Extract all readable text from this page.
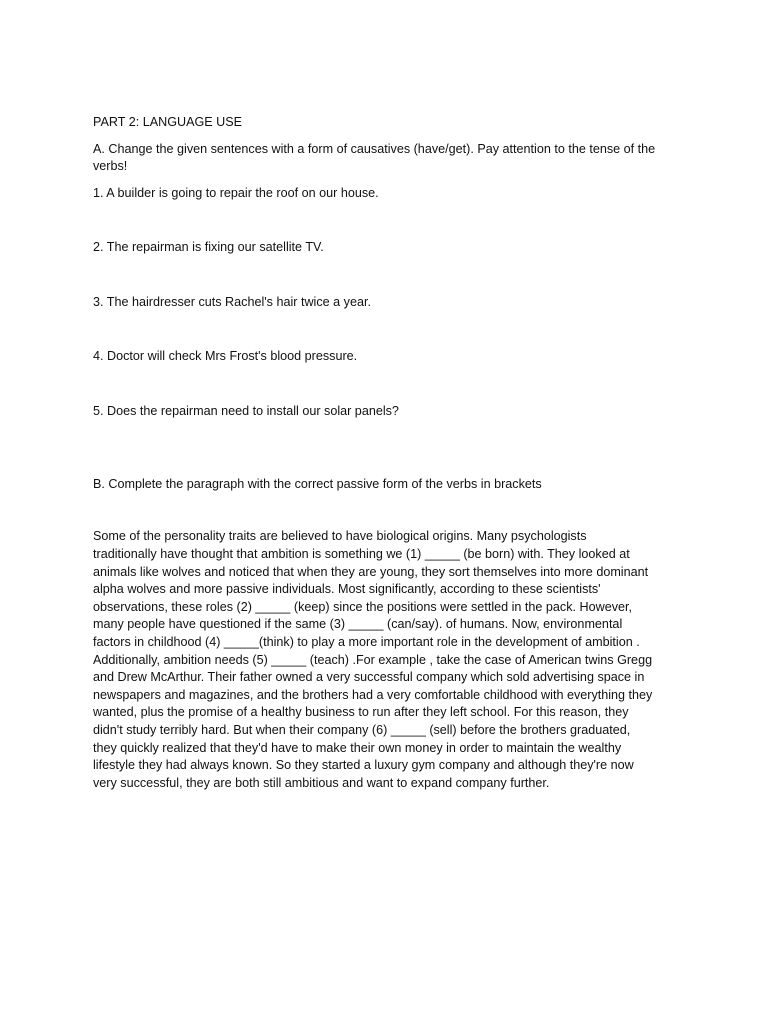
PART 2: LANGUAGE USE

A. Change the given sentences with a form of causatives (have/get). Pay attention to the tense of the verbs!

1. A builder is going to repair the roof on our house.
2. The repairman is fixing our satellite TV.
3. The hairdresser cuts Rachel's hair twice a year.
4. Doctor will check Mrs Frost's blood pressure.
5. Does the repairman need to install our solar panels?

B. Complete the paragraph with the correct passive form of the verbs in brackets

Some of the personality traits are believed to have biological origins. Many psychologists
traditionally have thought that ambition is something we (1) _____ (be born) with. They looked at
animals like wolves and noticed that when they are young, they sort themselves into more dominant
alpha wolves and more passive individuals. Most significantly, according to these scientists'
observations, these roles (2) _____ (keep) since the positions were settled in the pack. However,
many people have questioned if the same (3) _____ (can/say). of humans. Now, environmental
factors in childhood (4) _____(think) to play a more important role in the development of ambition .
Additionally, ambition needs (5) _____ (teach) .For example , take the case of American twins Gregg
and Drew McArthur. Their father owned a very successful company which sold advertising space in
newspapers and magazines, and the brothers had a very comfortable childhood with everything they
wanted, plus the promise of a healthy business to run after they left school. For this reason, they
didn't study terribly hard. But when their company (6) _____ (sell) before the brothers graduated,
they quickly realized that they'd have to make their own money in order to maintain the wealthy
lifestyle they had always known. So they started a luxury gym company and although they're now
very successful, they are both still ambitious and want to expand company further.
